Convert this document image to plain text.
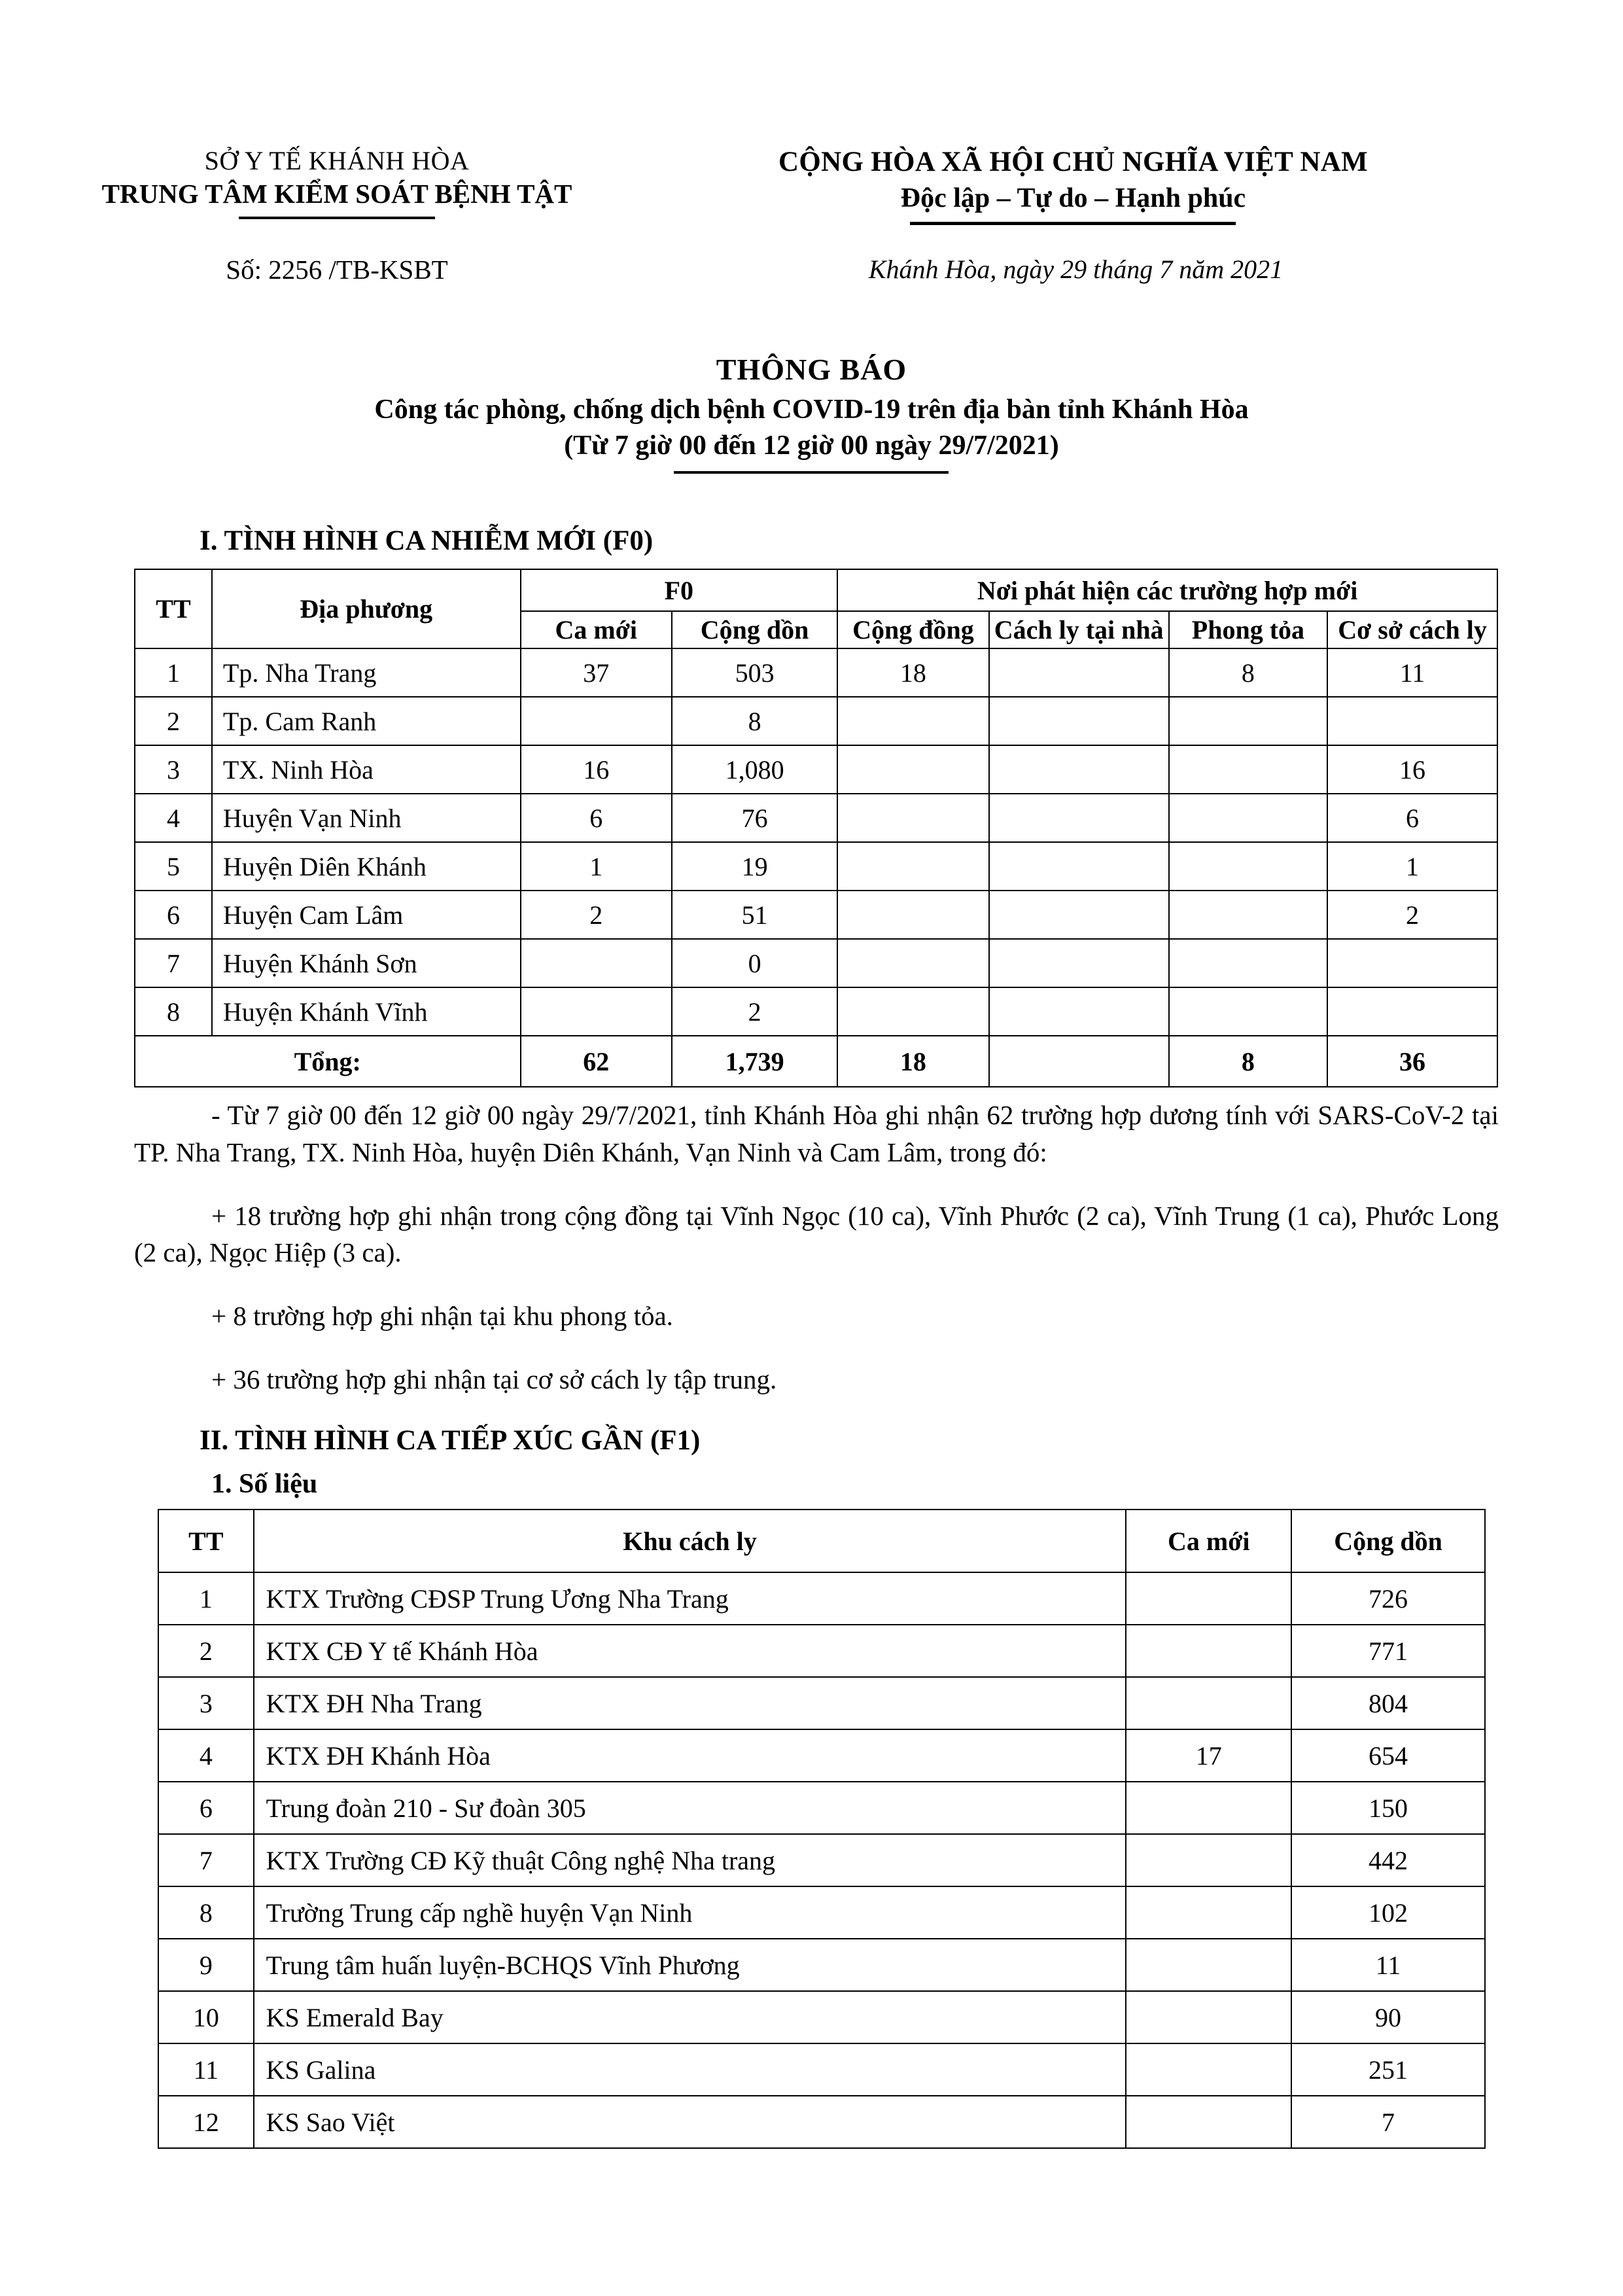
SỞ Y TẾ KHÁNH HÒA
TRUNG TÂM KIỂM SOÁT BỆNH TẬT
CỘNG HÒA XÃ HỘI CHỦ NGHĨA VIỆT NAM
Độc lập – Tự do – Hạnh phúc
Số: 2256 /TB-KSBT	Khánh Hòa, ngày 29 tháng 7 năm 2021
THÔNG BÁO
Công tác phòng, chống dịch bệnh COVID-19 trên địa bàn tỉnh Khánh Hòa
(Từ 7 giờ 00 đến 12 giờ 00 ngày 29/7/2021)
I. TÌNH HÌNH CA NHIỄM MỚI (F0)
TT	Địa phương	F0		Nơi phát hiện các trường hợp mới			
		Ca mới	Cộng dồn	Cộng đồng	Cách ly tại nhà	Phong tỏa	Cơ sở cách ly
1	Tp. Nha Trang	37	503	18		8	11
2	Tp. Cam Ranh		8				
3	TX. Ninh Hòa	16	1,080				16
4	Huyện Vạn Ninh	6	76				6
5	Huyện Diên Khánh	1	19				1
6	Huyện Cam Lâm	2	51				2
7	Huyện Khánh Sơn		0				
8	Huyện Khánh Vĩnh		2				
Tổng:		62	1,739	18		8	36

- Từ 7 giờ 00 đến 12 giờ 00 ngày 29/7/2021, tỉnh Khánh Hòa ghi nhận 62 trường hợp dương tính với SARS-CoV-2 tại TP. Nha Trang, TX. Ninh Hòa, huyện Diên Khánh, Vạn Ninh và Cam Lâm, trong đó:

+ 18 trường hợp ghi nhận trong cộng đồng tại Vĩnh Ngọc (10 ca), Vĩnh Phước (2 ca), Vĩnh Trung (1 ca), Phước Long (2 ca), Ngọc Hiệp (3 ca).

+ 8 trường hợp ghi nhận tại khu phong tỏa.

+ 36 trường hợp ghi nhận tại cơ sở cách ly tập trung.

II. TÌNH HÌNH CA TIẾP XÚC GẦN (F1)
1. Số liệu
TT	Khu cách ly	Ca mới	Cộng dồn
1	KTX Trường CĐSP Trung Ương Nha Trang		726
2	KTX CĐ Y tế Khánh Hòa		771
3	KTX ĐH Nha Trang		804
4	KTX ĐH Khánh Hòa	17	654
6	Trung đoàn 210 - Sư đoàn 305		150
7	KTX Trường CĐ Kỹ thuật Công nghệ Nha trang		442
8	Trường Trung cấp nghề huyện Vạn Ninh		102
9	Trung tâm huấn luyện-BCHQS Vĩnh Phương		11
10	KS Emerald Bay		90
11	KS Galina		251
12	KS Sao Việt		7
